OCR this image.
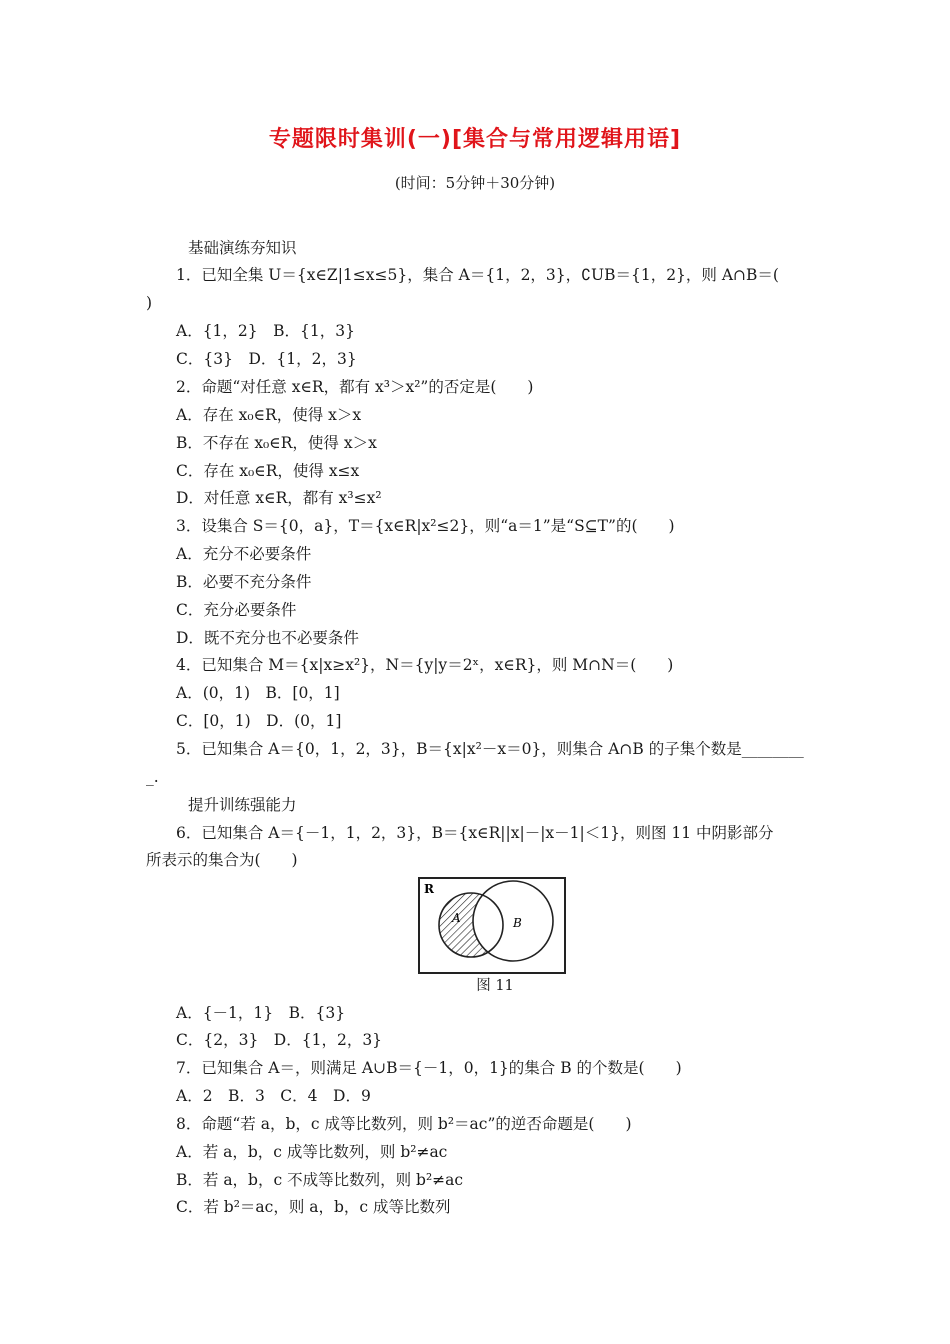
专题限时集训(一)[集合与常用逻辑用语]
(时间：5分钟＋30分钟)
基础演练夯知识
1．已知全集 U＝{x∈Z|1≤x≤5}，集合 A＝{1，2，3}，∁UB＝{1，2}，则 A∩B＝(
)
A．{1，2}　B．{1，3}
C．{3}　D．{1，2，3}
2．命题“对任意 x∈R，都有 x³＞x²”的否定是(　　)
A．存在 x₀∈R，使得 x＞x
B．不存在 x₀∈R，使得 x＞x
C．存在 x₀∈R，使得 x≤x
D．对任意 x∈R，都有 x³≤x²
3．设集合 S＝{0，a}，T＝{x∈R|x²≤2}，则“a＝1”是“S⊆T”的(　　)
A．充分不必要条件
B．必要不充分条件
C．充分必要条件
D．既不充分也不必要条件
4．已知集合 M＝{x|x≥x²}，N＝{y|y＝2ˣ，x∈R}，则 M∩N＝(　　)
A．(0，1)　B．[0，1]
C．[0，1)　D．(0，1]
5．已知集合 A＝{0，1，2，3}，B＝{x|x²－x＝0}，则集合 A∩B 的子集个数是________
_.
提升训练强能力
6．已知集合 A＝{－1，1，2，3}，B＝{x∈R||x|－|x－1|＜1}，则图 11 中阴影部分
所表示的集合为(　　)
R
A	B
图 11
A．{－1，1}　B．{3}
C．{2，3}　D．{1，2，3}
7．已知集合 A＝，则满足 A∪B＝{－1，0，1}的集合 B 的个数是(　　)
A．2　B．3　C．4　D．9
8．命题“若 a，b，c 成等比数列，则 b²＝ac”的逆否命题是(　　)
A．若 a，b，c 成等比数列，则 b²≠ac
B．若 a，b，c 不成等比数列，则 b²≠ac
C．若 b²＝ac，则 a，b，c 成等比数列
